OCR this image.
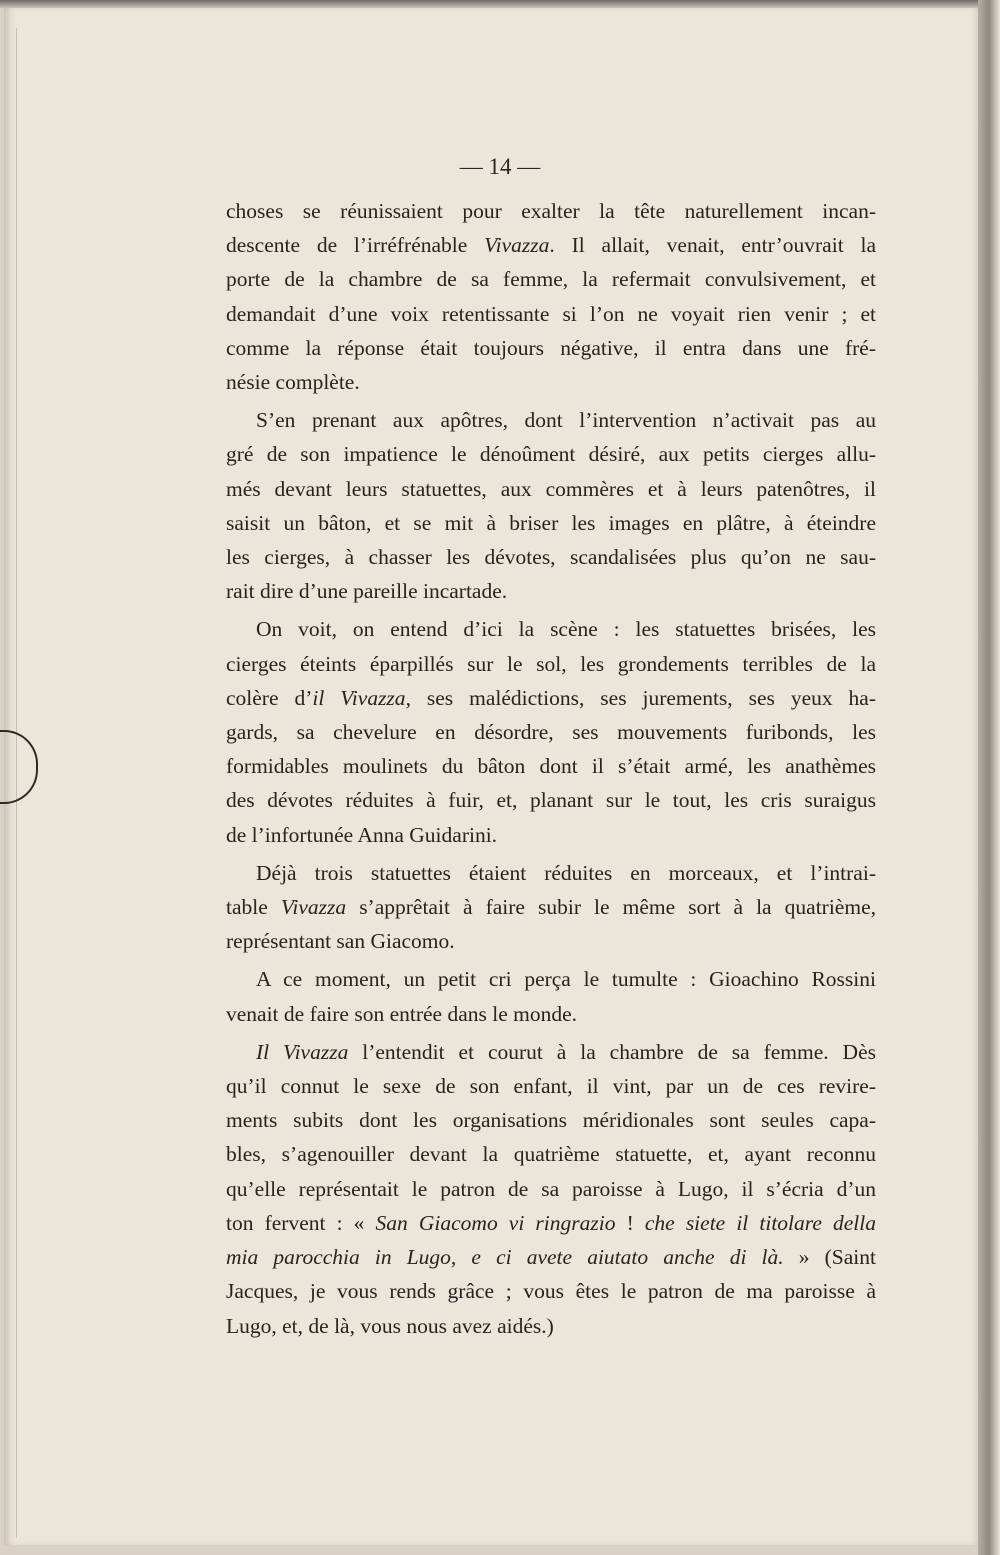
— 14 —

choses se réunissaient pour exalter la tête naturellement incan-
descente de l’irréfrénable Vivazza. Il allait, venait, entr’ouvrait la
porte de la chambre de sa femme, la refermait convulsivement, et
demandait d’une voix retentissante si l’on ne voyait rien venir ; et
comme la réponse était toujours négative, il entra dans une fré-
nésie complète.

S’en prenant aux apôtres, dont l’intervention n’activait pas au
gré de son impatience le dénoûment désiré, aux petits cierges allu-
més devant leurs statuettes, aux commères et à leurs patenôtres, il
saisit un bâton, et se mit à briser les images en plâtre, à éteindre
les cierges, à chasser les dévotes, scandalisées plus qu’on ne sau-
rait dire d’une pareille incartade.

On voit, on entend d’ici la scène : les statuettes brisées, les
cierges éteints éparpillés sur le sol, les grondements terribles de la
colère d’il Vivazza, ses malédictions, ses jurements, ses yeux ha-
gards, sa chevelure en désordre, ses mouvements furibonds, les
formidables moulinets du bâton dont il s’était armé, les anathèmes
des dévotes réduites à fuir, et, planant sur le tout, les cris suraigus
de l’infortunée Anna Guidarini.

Déjà trois statuettes étaient réduites en morceaux, et l’intrai-
table Vivazza s’apprêtait à faire subir le même sort à la quatrième,
représentant san Giacomo.

A ce moment, un petit cri perça le tumulte : Gioachino Rossini
venait de faire son entrée dans le monde.

Il Vivazza l’entendit et courut à la chambre de sa femme. Dès
qu’il connut le sexe de son enfant, il vint, par un de ces revire-
ments subits dont les organisations méridionales sont seules capa-
bles, s’agenouiller devant la quatrième statuette, et, ayant reconnu
qu’elle représentait le patron de sa paroisse à Lugo, il s’écria d’un
ton fervent : « San Giacomo vi ringrazio ! che siete il titolare della
mia parocchia in Lugo, e ci avete aiutato anche di là. » (Saint
Jacques, je vous rends grâce ; vous êtes le patron de ma paroisse à
Lugo, et, de là, vous nous avez aidés.)
